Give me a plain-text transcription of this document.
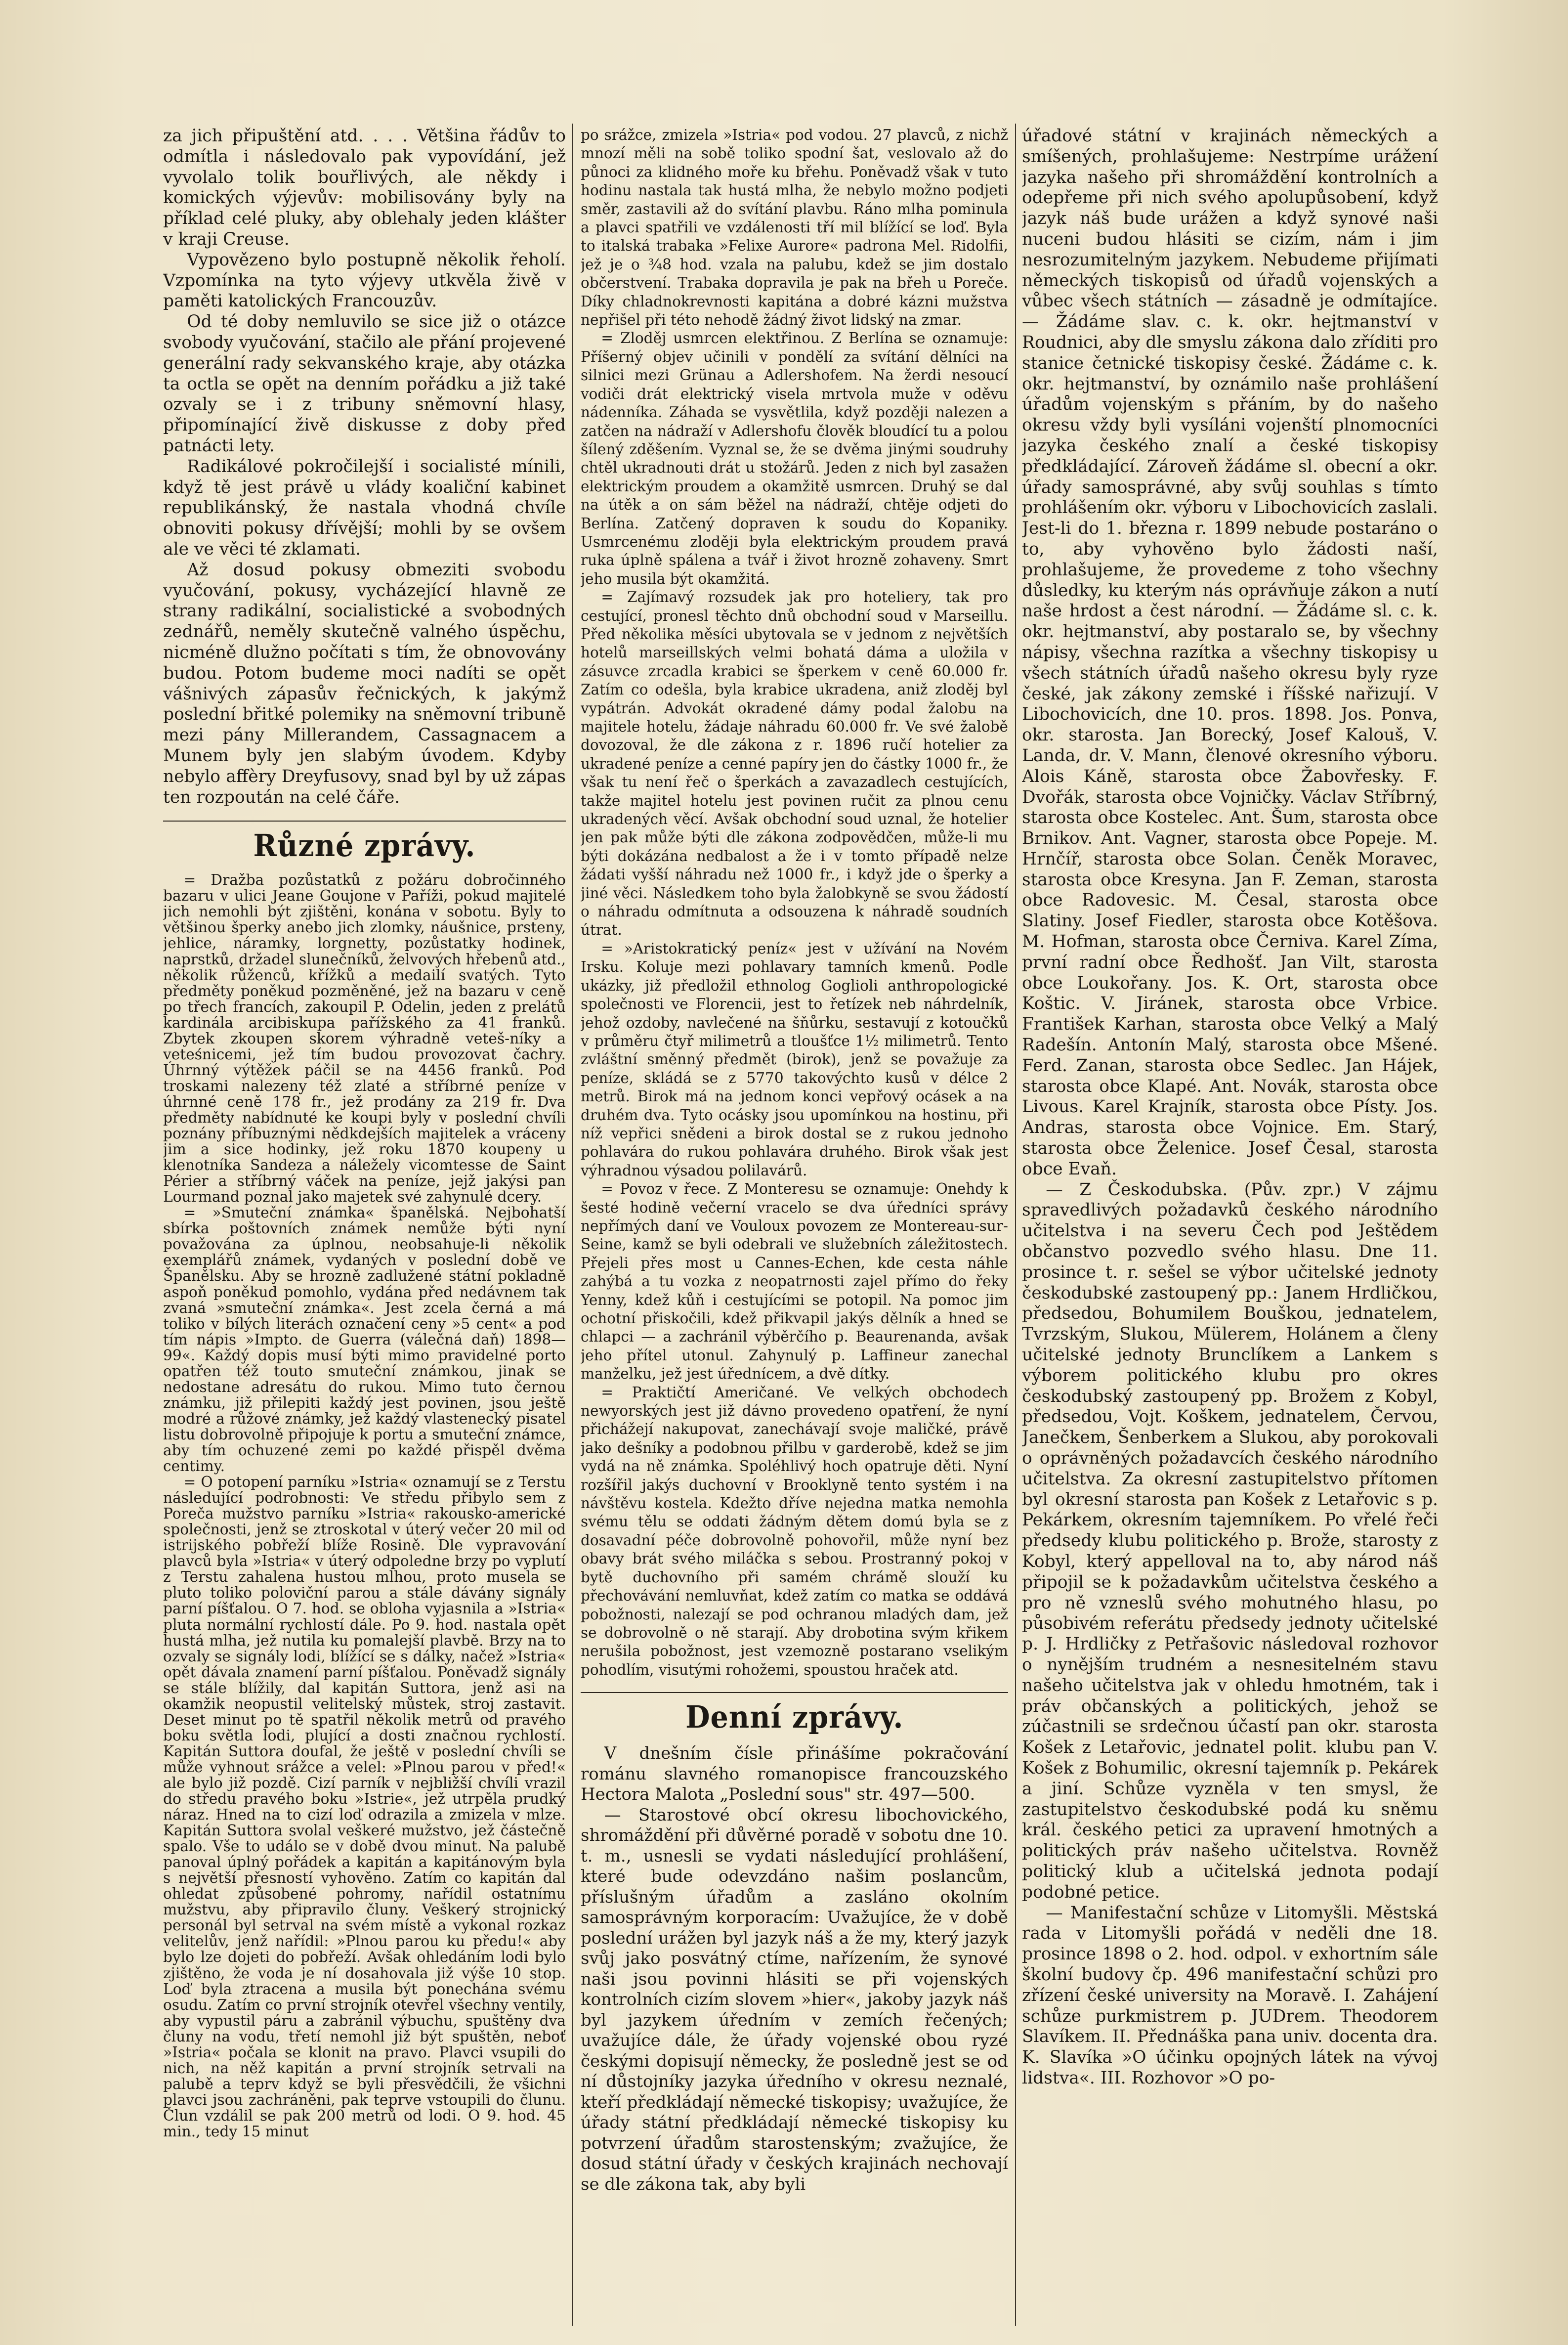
za jich připuštění atd. . . . Většina řádův to odmítla i následovalo pak vypovídání, jež vyvolalo tolik bouřlivých, ale někdy i komických výjevův: mobilisovány byly na příklad celé pluky, aby oblehaly jeden klášter v kraji Creuse.

Vypovězeno bylo postupně několik řeholí. Vzpomínka na tyto výjevy utkvěla živě v paměti katolických Francouzův.

Od té doby nemluvilo se sice již o otázce svobody vyučování, stačilo ale přání projevené generální rady sekvanského kraje, aby otázka ta octla se opět na denním pořádku a již také ozvaly se i z tribuny sněmovní hlasy, připomínající živě diskusse z doby před patnácti lety.

Radikálové pokročilejší i socialisté mínili, když tě jest právě u vlády koaliční kabinet republikánský, že nastala vhodná chvíle obnoviti pokusy dřívější; mohli by se ovšem ale ve věci té zklamati.

Až dosud pokusy obmeziti svobodu vyučování, pokusy, vycházející hlavně ze strany radikální, socialistické a svobodných zednářů, neměly skutečně valného úspěchu, nicméně dlužno počítati s tím, že obnovovány budou. Potom budeme moci nadíti se opět vášnivých zápasův řečnických, k jakýmž poslední břitké polemiky na sněmovní tribuně mezi pány Millerandem, Cassagnacem a Munem byly jen slabým úvodem. Kdyby nebylo affèry Dreyfusovy, snad byl by už zápas ten rozpoután na celé čáře.

Různé zprávy.

= Dražba pozůstatků z požáru dobročinného bazaru v ulici Jeane Goujone v Paříži, pokud majitelé jich nemohli být zjištěni, konána v sobotu. Byly to většinou šperky anebo jich zlomky, náušnice, prsteny, jehlice, náramky, lorgnetty, pozůstatky hodinek, naprstků, držadel slunečníků, želvových hřebenů atd., několik růženců, křížků a medailí svatých. Tyto předměty poněkud pozměněné, jež na bazaru v ceně po třech francích, zakoupil P. Odelin, jeden z prelátů kardinála arcibiskupa pařížského za 41 franků. Zbytek zkoupen skorem výhradně veteš-níky a veteśnicemi, jež tím budou provozovat čachry. Úhrnný výtěžek páčil se na 4456 franků. Pod troskami nalezeny též zlaté a stříbrné peníze v úhrnné ceně 178 fr., jež prodány za 219 fr. Dva předměty nabídnuté ke koupi byly v poslední chvíli poznány příbuznými nědkdejších majitelek a vráceny jim a sice hodinky, jež roku 1870 koupeny u klenotníka Sandeza a náležely vicomtesse de Saint Périer a stříbrný váček na peníze, jejž jakýsi pan Lourmand poznal jako majetek své zahynulé dcery.

= »Smuteční známka« španělská. Nejbohatší sbírka poštovních známek nemůže býti nyní považována za úplnou, neobsahuje-li několik exemplářů známek, vydaných v poslední době ve Španělsku. Aby se hrozně zadlužené státní pokladně aspoň poněkud pomohlo, vydána před nedávnem tak zvaná »smuteční známka«. Jest zcela černá a má toliko v bílých literách označení ceny »5 cent« a pod tím nápis »Impto. de Guerra (válečná daň) 1898—99«. Každý dopis musí býti mimo pravidelné porto opatřen též touto smuteční známkou, jinak se nedostane adresátu do rukou. Mimo tuto černou známku, již přilepiti každý jest povinen, jsou ještě modré a růžové známky, jež každý vlastenecký pisatel listu dobrovolně připojuje k portu a smuteční známce, aby tím ochuzené zemi po každé přispěl dvěma centimy.

= O potopení parníku »Istria« oznamují se z Terstu následující podrobnosti: Ve středu přibylo sem z Poreča mužstvo parníku »Istria« rakousko-americké společnosti, jenž se ztroskotal v úterý večer 20 mil od istrijského pobřeží blíže Rosině. Dle vypravování plavců byla »Istria« v úterý odpoledne brzy po vyplutí z Terstu zahalena hustou mlhou, proto musela se pluto toliko poloviční parou a stále dávány signály parní píšťalou. O 7. hod. se oblohа vyjasnila a »Istria« pluta normální rychlostí dále. Po 9. hod. nastala opět hustá mlha, jež nutila ku pomalejší plavbě. Brzy na to ozvaly se signály lodi, blížící se s dálky, načež »Istria« opět dávala znamení parní píšťalou. Poněvadž signály se stále blížily, dal kapitán Suttora, jenž asi na okamžik neopustil velitelský můstek, stroj zastavit. Deset minut po tě spatřil několik metrů od pravého boku světla lodi, plující a dosti značnou rychlostí. Kapitán Suttora doufal, že ještě v poslední chvíli se může vyhnout srážce a velel: »Plnou parou v před!« ale bylo již pozdě. Cizí parník v nejbližší chvíli vrazil do středu pravého boku »Istrie«, jež utrpěla prudký náraz. Hned na to cizí loď odrazila a zmizela v mlze. Kapitán Suttora svolal veškeré mužstvo, jež částečně spalo. Vše to událo se v době dvou minut. Na palubě panoval úplný pořádek a kapitán a kapitánovým byla s největší přesností vyhověno. Zatím co kapitán dal ohledat způsobené pohromy, nařídil ostatnímu mužstvu, aby připravilo čluny. Veškerý strojnický personál byl setrval na svém místě a vykonal rozkaz velitelův, jenž nařídil: »Plnou parou ku předu!« aby bylo lze dojeti do pobřeží. Avšak ohledáním lodi bylo zjištěno, že voda je ní dosahovala již výše 10 stop. Loď byla ztracena a musila být ponechána svému osudu. Zatím co první strojník otevřel všechny ventily, aby vypustil páru a zabránil výbuchu, spuštěny dva čluny na vodu, třetí nemohl již být spuštěn, neboť »Istria« počala se klonit na pravo. Plavci vsupili do nich, na něž kapitán a první strojník setrvali na palubě a teprv když se byli přesvědčili, že všichni plavci jsou zachráněni, pak teprve vstoupili do člunu. Člun vzdálil se pak 200 metrů od lodi. O 9. hod. 45 min., tedy 15 minut

po srážce, zmizela »Istria« pod vodou. 27 plavců, z nichž mnozí měli na sobě toliko spodní šat, veslovalo až do půnoci za klidného moře ku břehu. Poněvadž však v tuto hodinu nastala tak hustá mlha, že nebylo možno podjeti směr, zastavili až do svítání plavbu. Ráno mlha pominula a plavci spatřili ve vzdálenosti tří mil blížící se loď. Byla to italská trabaka »Felixe Aurore« padrona Mel. Ridolfii, jež je o ¾8 hod. vzala na palubu, kdež se jim dostalo občerstvení. Trabaka dopravila je pak na břeh u Poreče. Díky chladnokrevnosti kapitána a dobré kázni mužstva nepřišel při této nehodě žádný život lidský na zmar.

= Zloděj usmrcen elektřinou. Z Berlína se oznamuje: Příšerný objev učinili v pondělí za svítání dělníci na silnici mezi Grünau a Adlershofem. Na žerdi nesoucí vodiči drát elektrický visela mrtvola muže v oděvu nádenníka. Záhada se vysvětlila, když později nalezen a zatčen na nádraží v Adlershofu člověk bloudící tu a polou šílený zděšením. Vyznal se, že se dvěma jinými soudruhy chtěl ukradnouti drát u stožárů. Jeden z nich byl zasažen elektrickým proudem a okamžitě usmrcen. Druhý se dal na útěk a on sám běžel na nádraží, chtěje odjeti do Berlína. Zatčený dopraven k soudu do Kopaniky. Usmrcenému zloději byla elektrickým proudem pravá ruka úplně spálena a tvář i život hrozně zohaveny. Smrt jeho musila být okamžitá.

= Zajímavý rozsudek jak pro hoteliery, tak pro cestující, pronesl těchto dnů obchodní soud v Marseillu. Před několika měsíci ubytovala se v jednom z největších hotelů marseillských velmi bohatá dáma a uložila v zásuvce zrcadla krabici se šperkem v ceně 60.000 fr. Zatím co odešla, byla krabice ukradena, aniž zloděj byl vypátrán. Advokát okradené dámy podal žalobu na majitele hotelu, žádaje náhradu 60.000 fr. Ve své žalobě dovozoval, že dle zákona z r. 1896 ručí hotelier za ukradené peníze a cenné papíry jen do částky 1000 fr., že však tu není řeč o šperkách a zavazadlech cestujících, takže majitel hotelu jest povinen ručit za plnou cenu ukradených věcí. Avšak obchodní soud uznal, že hotelier jen pak může býti dle zákona zodpovědčen, může-li mu býti dokázána nedbalost a že i v tomto případě nelze žádati vyšší náhradu než 1000 fr., i když jde o šperky a jiné věci. Následkem toho byla žalobkyně se svou žádostí o náhradu odmítnuta a odsouzena k náhradě soudních útrat.

= »Aristokratický peníz« jest v užívání na Novém Irsku. Koluje mezi pohlavary tamních kmenů. Podle ukázky, již předložil ethnolog Goglioli anthropologické společnosti ve Florencii, jest to řetízek neb náhrdelník, jehož ozdoby, navlečené na šňůrku, sestavují z kotoučků v průměru čtyř milimetrů a tloušťce 1½ milimetrů. Tento zvláštní směnný předmět (birok), jenž se považuje za peníze, skládá se z 5770 takovýchto kusů v délce 2 metrů. Birok má na jednom konci vepřový ocásek a na druhém dva. Tyto ocásky jsou upomínkou na hostinu, při níž vepřici snědeni a birok dostal se z rukou jednoho pohlavára do rukou pohlavára druhého. Birok však jest výhradnou výsadou polilavárů.

= Povoz v řece. Z Monteresu se oznamuje: Onehdy k šesté hodině večerní vracelo se dva úředníci správy nepřímých daní ve Vouloux povozem ze Montereau-sur-Seine, kamž se byli odebrali ve služebních záležitostech. Přejeli přes most u Cannes-Echen, kde cesta náhle zahýbá a tu vozka z neopatrnosti zajel přímo do řeky Yenny, kdež kůň i cestujícími se potopil. Na pomoc jim ochotní přiskočili, kdež přikvapil jakýs dělník a hned se chlapci — a zachránil výběrčího p. Beaurenanda, avšak jeho přítel utonul. Zahynulý p. Laffineur zanechal manželku, jež jest úřednícem, a dvě dítky.

= Praktičtí Američané. Ve velkých obchodech newyorských jest již dávno provedeno opatření, že nyní přichážejí nakupovat, zanechávají svoje maličké, právě jako dešníky a podobnou přilbu v garderobě, kdež se jim vydá na ně známka. Spoléhlivý hoch opatruje děti. Nyní rozšířil jakýs duchovní v Brooklyně tento systém i na návštěvu kostela. Kdežto dříve nejedna matka nemohla svému tělu se oddati žádným dětem domú byla se z dosavadní péče dobrovolně pohovořil, může nyní bez obavy brát svého miláčka s sebou. Prostranný pokoj v bytě duchovního při samém chrámě slouží ku přechovávání nemluvňat, kdež zatím co matka se oddává pobožnosti, nalezají se pod ochranou mladých dam, jež se dobrovolně o ně starají. Aby drobotina svým křikem nerušila pobožnost, jest vzemozně postarano vselikým pohodlím, visutými rohožemi, spoustou hraček atd.

Denní zprávy.

V dnešním čísle přinášíme pokračování románu slavného romanopisce francouzského Hectora Malota „Poslední sous" str. 497—500.

— Starostové obcí okresu libochovického, shromáždění při důvěrné poradě v sobotu dne 10. t. m., usnesli se vydati následující prohlášení, které bude odevzdáno našim poslancům, příslušným úřadům a zasláno okolním samosprávným korporacím: Uvažujíce, že v době poslední urážen byl jazyk náš a že my, který jazyk svůj jako posvátný ctíme, nařízením, že synové naši jsou povinni hlásiti se při vojenských kontrolních cizím slovem »hier«, jakoby jazyk náš byl jazykem úředním v zemích řečených; uvažujíce dále, že úřady vojenské obou ryzé českými dopisují německy, že posledně jest se od ní důstojníky jazyka úředního v okresu neznalé, kteří předkládají německé tiskopisy; uvažujíce, že úřady státní předkládají německé tiskopisy ku potvrzení úřadům starostenským; zvažujíce, že dosud státní úřady v českých krajinách nechovají se dle zákona tak, aby byli

úřadové státní v krajinách německých a smíšených, prohlašujeme: Nestrpíme urážení jazyka našeho při shromáždění kontrolních a odepřeme při nich svého apolupůsobení, když jazyk náš bude urážen a když synové naši nuceni budou hlásiti se cizím, nám i jim nesrozumitelným jazykem. Nebudeme přijímati německých tiskopisů od úřadů vojenských a vůbec všech státních — zásadně je odmítajíce. — Žádáme slav. c. k. okr. hejtmanství v Roudnici, aby dle smyslu zákona dalo zříditi pro stanice četnické tiskopisy české. Žádáme c. k. okr. hejtmanství, by oznámilo naše prohlášení úřadům vojenským s přáním, by do našeho okresu vždy byli vysíláni vojenští plnomocníci jazyka českého znalí a české tiskopisy předkládající. Zároveň žádáme sl. obecní a okr. úřady samosprávné, aby svůj souhlas s tímto prohlášením okr. výboru v Libochovicích zaslali. Jest-li do 1. března r. 1899 nebude postaráno o to, aby vyhověno bylo žádosti naší, prohlašujeme, že provedeme z toho všechny důsledky, ku kterým nás oprávňuje zákon a nutí naše hrdost a čest národní. — Žádáme sl. c. k. okr. hejtmanství, aby postaralo se, by všechny nápisy, všechna razítka a všechny tiskopisy u všech státních úřadů našeho okresu byly ryze české, jak zákony zemské i říšské nařizují. V Libochovicích, dne 10. pros. 1898. Jos. Ponva, okr. starosta. Jan Borecký, Josef Kalouš, V. Landa, dr. V. Mann, členové okresního výboru. Alois Káně, starosta obce Žabovřesky. F. Dvořák, starosta obce Vojničky. Václav Stříbrný, starosta obce Kostelec. Ant. Šum, starosta obce Brnikov. Ant. Vagner, starosta obce Popeje. M. Hrnčíř, starosta obce Solan. Čeněk Moravec, starosta obce Kresyna. Jan F. Zeman, starosta obce Radovesic. M. Česal, starosta obce Slatiny. Josef Fiedler, starosta obce Kotěšova. M. Hofman, starosta obce Černiva. Karel Zíma, první radní obce Ředhošť. Jan Vilt, starosta obce Loukořany. Jos. K. Ort, starosta obce Koštic. V. Jiránek, starosta obce Vrbice. František Karhan, starosta obce Velký a Malý Radešín. Antonín Malý, starosta obce Mšené. Ferd. Zanan, starosta obce Sedlec. Jan Hájek, starosta obce Klapé. Ant. Novák, starosta obce Livous. Karel Krajník, starosta obce Písty. Jos. Andras, starosta obce Vojnice. Em. Starý, starosta obce Želenice. Josef Česal, starosta obce Evaň.

— Z Českodubska. (Pův. zpr.) V zájmu spravedlivých požadavků českého národního učitelstva i na severu Čech pod Ještědem občanstvo pozvedlo svého hlasu. Dne 11. prosince t. r. sešel se výbor učitelské jednoty českodubské zastoupený pp.: Janem Hrdličkou, předsedou, Bohumilem Bouškou, jednatelem, Tvrzským, Slukou, Mülerem, Holánem a členy učitelské jednoty Brunclíkem a Lankem s výborem politického klubu pro okres českodubský zastoupený pp. Brožem z Kobyl, předsedou, Vojt. Koškem, jednatelem, Červou, Janečkem, Šenberkem a Slukou, aby porokovali o oprávněných požadavcích českého národního učitelstva. Za okresní zastupitelstvo přítomen byl okresní starosta pan Košek z Letařovic s p. Pekárkem, okresním tajemníkem. Po vřelé řeči předsedy klubu politického p. Brože, starosty z Kobyl, který appelloval na to, aby národ náš připojil se k požadavkům učitelstva českého a pro ně vzneslů svého mohutného hlasu, po působivém referátu předsedy jednoty učitelské p. J. Hrdličky z Petřašovic následoval rozhovor o nynějším trudném a nesnesitelném stavu našeho učitelstva jak v ohledu hmotném, tak i práv občanských a politických, jehož se zúčastnili se srdečnou účastí pan okr. starosta Košek z Letařovic, jednatel polit. klubu pan V. Košek z Bohumilic, okresní tajemník p. Pekárek a jiní. Schůze vyzněla v ten smysl, že zastupitelstvo českodubské podá ku sněmu král. českého petici za upravení hmotných a politických práv našeho učitelstva. Rovněž politický klub a učitelská jednota podají podobné petice.

— Manifestační schůze v Litomyšli. Městská rada v Litomyšli pořádá v neděli dne 18. prosince 1898 o 2. hod. odpol. v exhortním sále školní budovy čp. 496 manifestační schůzi pro zřízení české university na Moravě. I. Zahájení schůze purkmistrem p. JUDrem. Theodorem Slavíkem. II. Přednáška pana univ. docenta dra. K. Slavíka »O účinku opojných látek na vývoj lidstva«. III. Rozhovor »O po-
